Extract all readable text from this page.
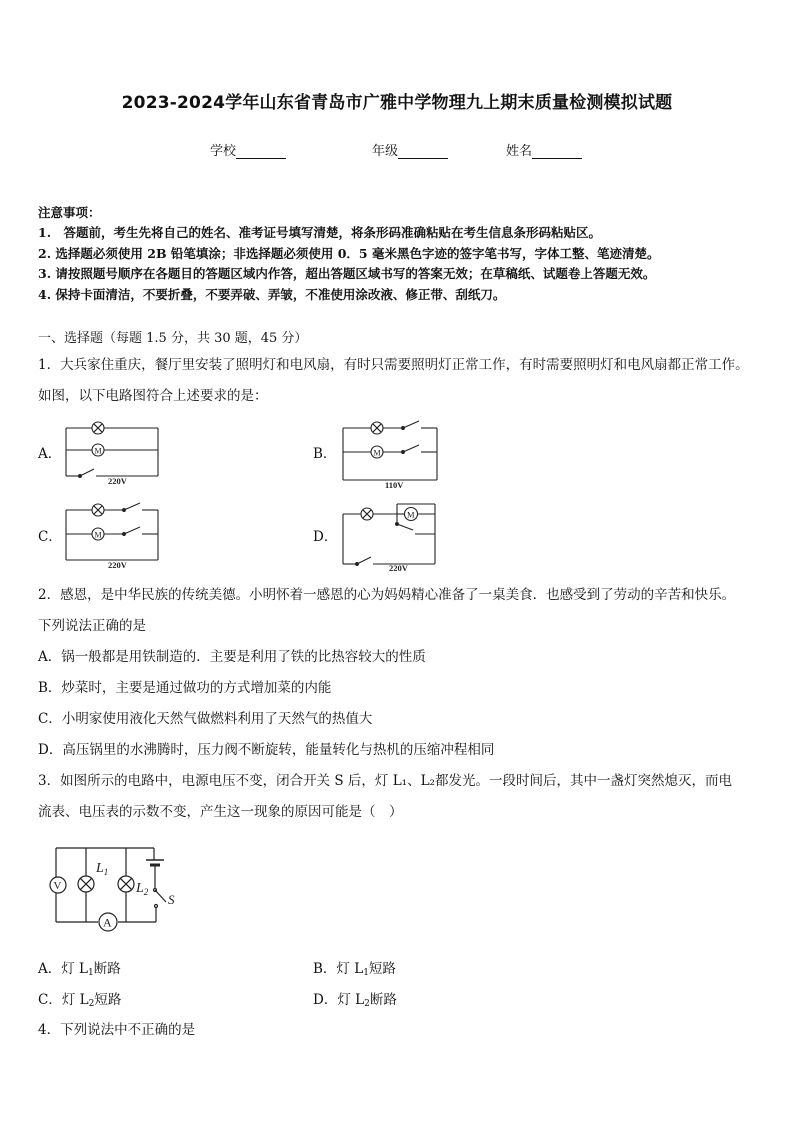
2023-2024学年山东省青岛市广雅中学物理九上期末质量检测模拟试题
学校	年级	姓名
注意事项：
1.　答题前，考生先将自己的姓名、准考证号填写清楚，将条形码准确粘贴在考生信息条形码粘贴区。
2. 选择题必须使用 2B 铅笔填涂；非选择题必须使用 0．5 毫米黑色字迹的签字笔书写，字体工整、笔迹清楚。
3. 请按照题号顺序在各题目的答题区域内作答，超出答题区域书写的答案无效；在草稿纸、试题卷上答题无效。
4. 保持卡面清洁，不要折叠，不要弄破、弄皱，不准使用涂改液、修正带、刮纸刀。
一、选择题（每题 1.5 分，共 30 题，45 分）
1．大兵家住重庆，餐厅里安装了照明灯和电风扇，有时只需要照明灯正常工作，有时需要照明灯和电风扇都正常工作。
如图，以下电路图符合上述要求的是：
A．	B．
C．	D．
M
220V
M
110V
M
220V
M
220V
2．感恩，是中华民族的传统美德。小明怀着一感恩的心为妈妈精心准备了一桌美食．也感受到了劳动的辛苦和快乐。
下列说法正确的是
A．锅一般都是用铁制造的．主要是利用了铁的比热容较大的性质
B．炒菜时，主要是通过做功的方式增加菜的内能
C．小明家使用液化天然气做燃料利用了天然气的热值大
D．高压锅里的水沸腾时，压力阀不断旋转，能量转化与热机的压缩冲程相同
3．如图所示的电路中，电源电压不变，闭合开关 S 后，灯 L₁、L₂都发光。一段时间后，其中一盏灯突然熄灭，而电
流表、电压表的示数不变，产生这一现象的原因可能是（　）
V
A
$L_1$
$L_2$ S
A．灯 $L_1$断路	B．灯 $L_1$短路
C．灯 $L_2$短路	D．灯 $L_2$断路
4．下列说法中不正确的是
